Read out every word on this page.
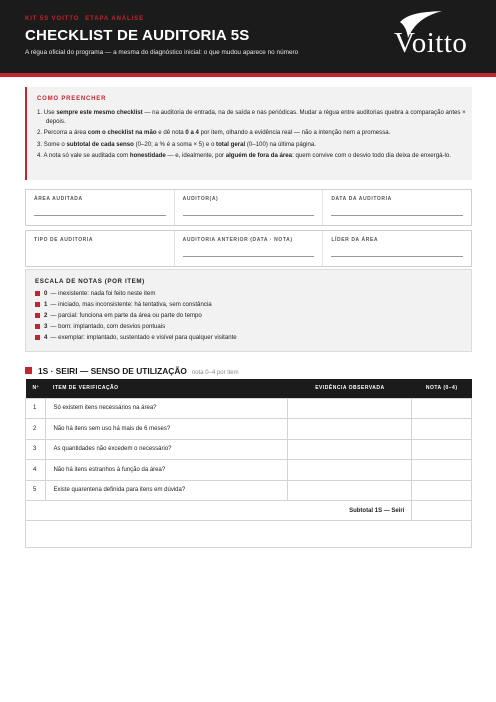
KIT 5S VOITTO ETAPA ANÁLISE
CHECKLIST DE AUDITORIA 5S
A régua oficial do programa — a mesma do diagnóstico inicial: o que mudou aparece no número	Voitto
COMO PREENCHER
1. Use sempre este mesmo checklist — na auditoria de entrada, na de saída e nas periódicas. Mudar a régua entre auditorias quebra a comparação antes × depois.
2. Percorra a área com o checklist na mão e dê nota 0 a 4 por item, olhando a evidência real — não a intenção nem a promessa.
3. Some o subtotal de cada senso (0–20; a % é a soma × 5) e o total geral (0–100) na última página.
4. A nota só vale se auditada com honestidade — e, idealmente, por alguém de fora da área: quem convive com o desvio todo dia deixa de enxergá-lo.
ÁREA AUDITADA	AUDITOR(A)	DATA DA AUDITORIA
TIPO DE AUDITORIA	AUDITORIA ANTERIOR (DATA · NOTA)	LÍDER DA ÁREA
ESCALA DE NOTAS (POR ITEM)
0 — inexistente: nada foi feito neste item
1 — iniciado, mas inconsistente: há tentativa, sem constância
2 — parcial: funciona em parte da área ou parte do tempo
3 — bom: implantado, com desvios pontuais
4 — exemplar: implantado, sustentado e visível para qualquer visitante
1S · SEIRI — SENSO DE UTILIZAÇÃO nota 0–4 por item
Nº	ITEM DE VERIFICAÇÃO	EVIDÊNCIA OBSERVADA	NOTA (0–4)
1	Só existem itens necessários na área?		
2	Não há itens sem uso há mais de 6 meses?		
3	As quantidades não excedem o necessário?		
4	Não há itens estranhos à função da área?		
5	Existe quarentena definida para itens em dúvida?		
Subtotal 1S — Seiri			
